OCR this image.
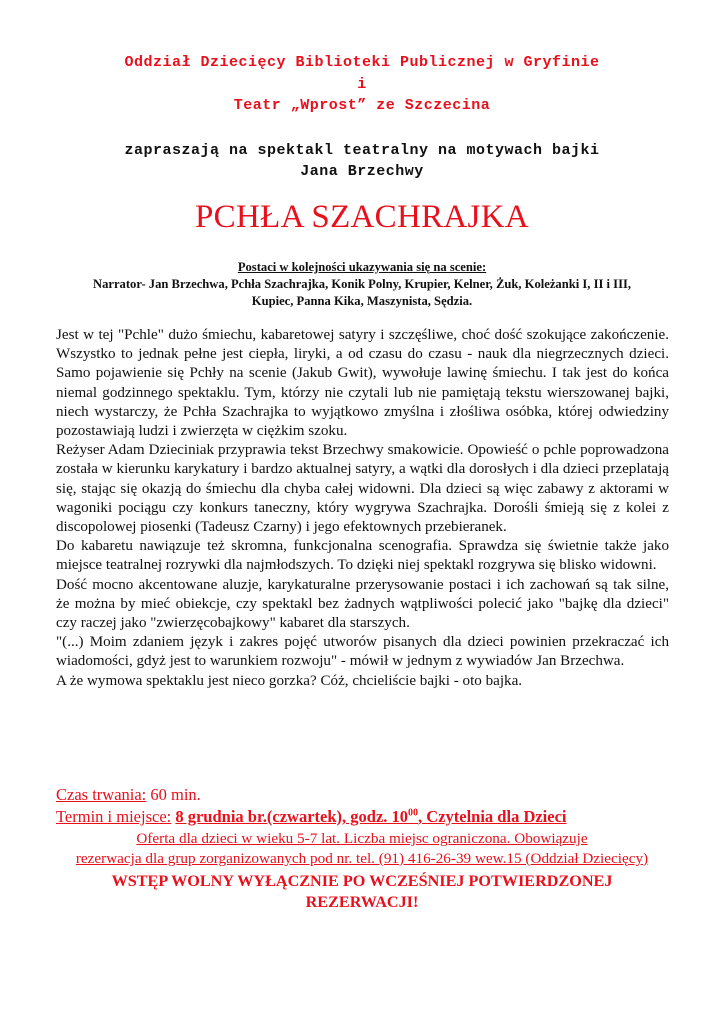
Oddział Dziecięcy Biblioteki Publicznej w Gryfinie
i
Teatr „Wprost” ze Szczecina
zapraszają na spektakl teatralny na motywach bajki
Jana Brzechwy
PCHŁA SZACHRAJKA
Postaci w kolejności ukazywania się na scenie:
Narrator- Jan Brzechwa, Pchła Szachrajka, Konik Polny, Krupier, Kelner, Żuk, Koleżanki I, II i III,
Kupiec, Panna Kika, Maszynista, Sędzia.

Jest w tej "Pchle" dużo śmiechu, kabaretowej satyry i szczęśliwe, choć dość szokujące zakończenie. Wszystko to jednak pełne jest ciepła, liryki, a od czasu do czasu - nauk dla niegrzecznych dzieci. Samo pojawienie się Pchły na scenie (Jakub Gwit), wywołuje lawinę śmiechu. I tak jest do końca niemal godzinnego spektaklu. Tym, którzy nie czytali lub nie pamiętają tekstu wierszowanej bajki, niech wystarczy, że Pchła Szachrajka to wyjątkowo zmyślna i złośliwa osóbka, której odwiedziny pozostawiają ludzi i zwierzęta w ciężkim szoku.

Reżyser Adam Dzieciniak przyprawia tekst Brzechwy smakowicie. Opowieść o pchle poprowadzona została w kierunku karykatury i bardzo aktualnej satyry, a wątki dla dorosłych i dla dzieci przeplatają się, stając się okazją do śmiechu dla chyba całej widowni. Dla dzieci są więc zabawy z aktorami w wagoniki pociągu czy konkurs taneczny, który wygrywa Szachrajka. Dorośli śmieją się z kolei z discopolowej piosenki (Tadeusz Czarny) i jego efektownych przebieranek.

Do kabaretu nawiązuje też skromna, funkcjonalna scenografia. Sprawdza się świetnie także jako miejsce teatralnej rozrywki dla najmłodszych. To dzięki niej spektakl rozgrywa się blisko widowni.

Dość mocno akcentowane aluzje, karykaturalne przerysowanie postaci i ich zachowań są tak silne, że można by mieć obiekcje, czy spektakl bez żadnych wątpliwości polecić jako "bajkę dla dzieci" czy raczej jako "zwierzęcobajkowy" kabaret dla starszych.

"(...) Moim zdaniem język i zakres pojęć utworów pisanych dla dzieci powinien przekraczać ich wiadomości, gdyż jest to warunkiem rozwoju" - mówił w jednym z wywiadów Jan Brzechwa.

A że wymowa spektaklu jest nieco gorzka? Cóż, chcieliście bajki - oto bajka.

Czas trwania: 60 min.
Termin i miejsce: 8 grudnia br.(czwartek), godz. $10^{00}$, Czytelnia dla Dzieci
Oferta dla dzieci w wieku 5-7 lat. Liczba miejsc ograniczona. Obowiązuje
rezerwacja dla grup zorganizowanych pod nr. tel. (91) 416-26-39 wew.15 (Oddział Dziecięcy)
WSTĘP WOLNY WYŁĄCZNIE PO WCZEŚNIEJ POTWIERDZONEJ
REZERWACJI!
